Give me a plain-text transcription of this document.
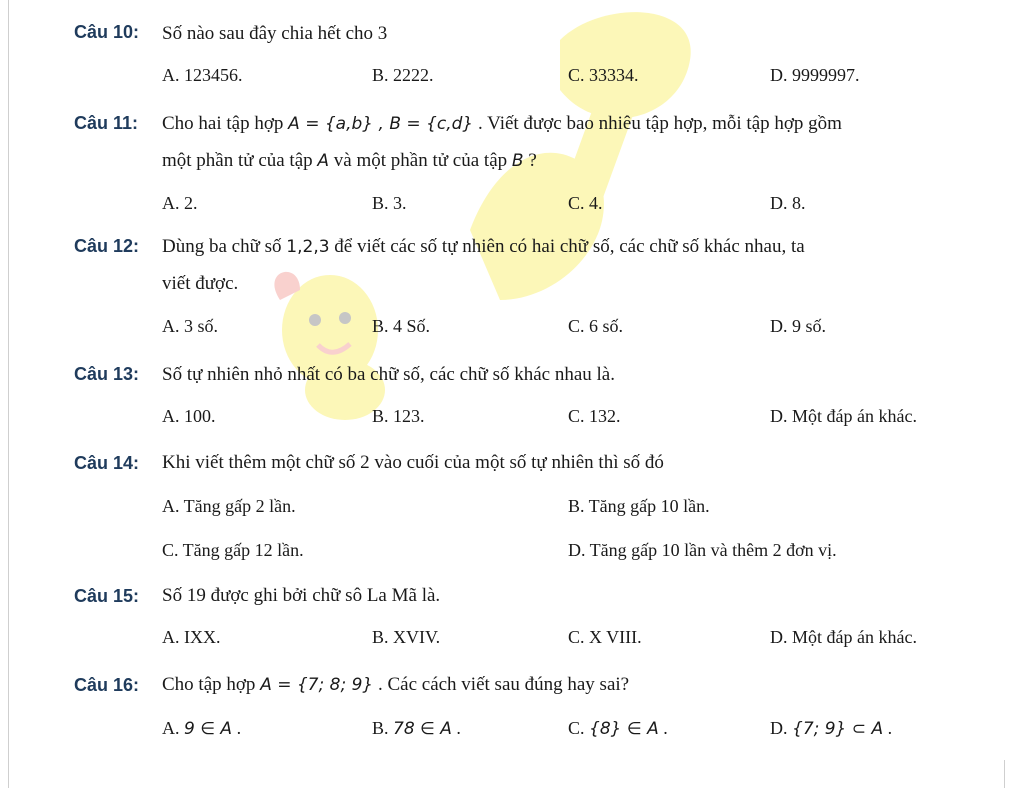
Câu 10: Số nào sau đây chia hết cho 3
A. 123456.	B. 2222.	C. 33334.	D. 9999997.
Câu 11: Cho hai tập hợp A = {a,b} , B = {c,d} . Viết được bao nhiêu tập hợp, mỗi tập hợp gồm
một phần tử của tập A và một phần tử của tập B ?
A. 2.	B. 3.	C. 4.	D. 8.
Câu 12: Dùng ba chữ số 1,2,3 để viết các số tự nhiên có hai chữ số, các chữ số khác nhau, ta
viết được.
A. 3 số.	B. 4 Số.	C. 6 số.	D. 9 số.
Câu 13: Số tự nhiên nhỏ nhất có ba chữ số, các chữ số khác nhau là.
A. 100.	B. 123.	C. 132.	D. Một đáp án khác.
Câu 14: Khi viết thêm một chữ số 2 vào cuối của một số tự nhiên thì số đó
A. Tăng gấp 2 lần.	B. Tăng gấp 10 lần.
C. Tăng gấp 12 lần.	D. Tăng gấp 10 lần và thêm 2 đơn vị.
Câu 15: Số 19 được ghi bởi chữ sô La Mã là.
A. IXX.	B. XVIV.	C. X VIII.	D. Một đáp án khác.
Câu 16: Cho tập hợp A = {7; 8; 9} . Các cách viết sau đúng hay sai?
A. 9 ∈ A .	B. 78 ∈ A .	C. {8} ∈ A .	D. {7; 9} ⊂ A .
